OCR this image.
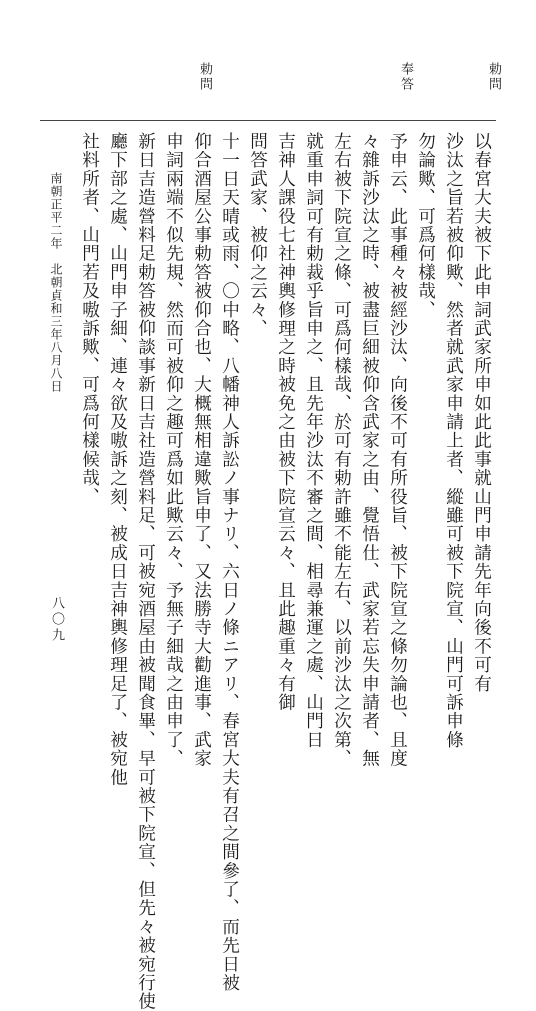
勅問
奉答
勅問
以春宮大夫被下此申詞武家所申如此此事就山門申請先年向後不可有
沙汰之旨若被仰歟、然者就武家申請上者、縱雖可被下院宣、山門可訴申條
勿論歟、可爲何樣哉、
予申云、此事種々被經沙汰、向後不可有所役旨、被下院宣之條勿論也、且度
々雜訴沙汰之時、被盡巨細被仰含武家之由、覺悟仕、武家若忘失申請者、無
左右被下院宣之條、可爲何樣哉、於可有勅許雖不能左右、以前沙汰之次第、
就重申詞可有勅裁乎旨申之、且先年沙汰不審之間、相尋兼運之處、山門日
吉神人課役七社神輿修理之時被免之由被下院宣云々、且此趣重々有御
問答武家、被仰之云々、
十一日天晴或雨、〇中略、八幡神人訴訟ノ事ナリ、六日ノ條ニアリ、春宮大夫有召之間參了、而先日被
仰合酒屋公事勅答被仰合也、大概無相違歟旨申了、又法勝寺大勸進事、武家
申詞兩端不似先規、然而可被仰之趣可爲如此歟云々、予無子細哉之由申了、
新日吉造營料足勅答被仰談事新日吉社造營料足、可被宛酒屋由被聞食畢、早可被下院宣、但先々被宛行使
廳下部之處、山門申子細、連々欲及嗷訴之刻、被成日吉神輿修理足了、被宛他
社料所者、山門若及嗷訴歟、可爲何樣候哉、
南朝正平二年　北朝貞和三年八月八日
八〇九
